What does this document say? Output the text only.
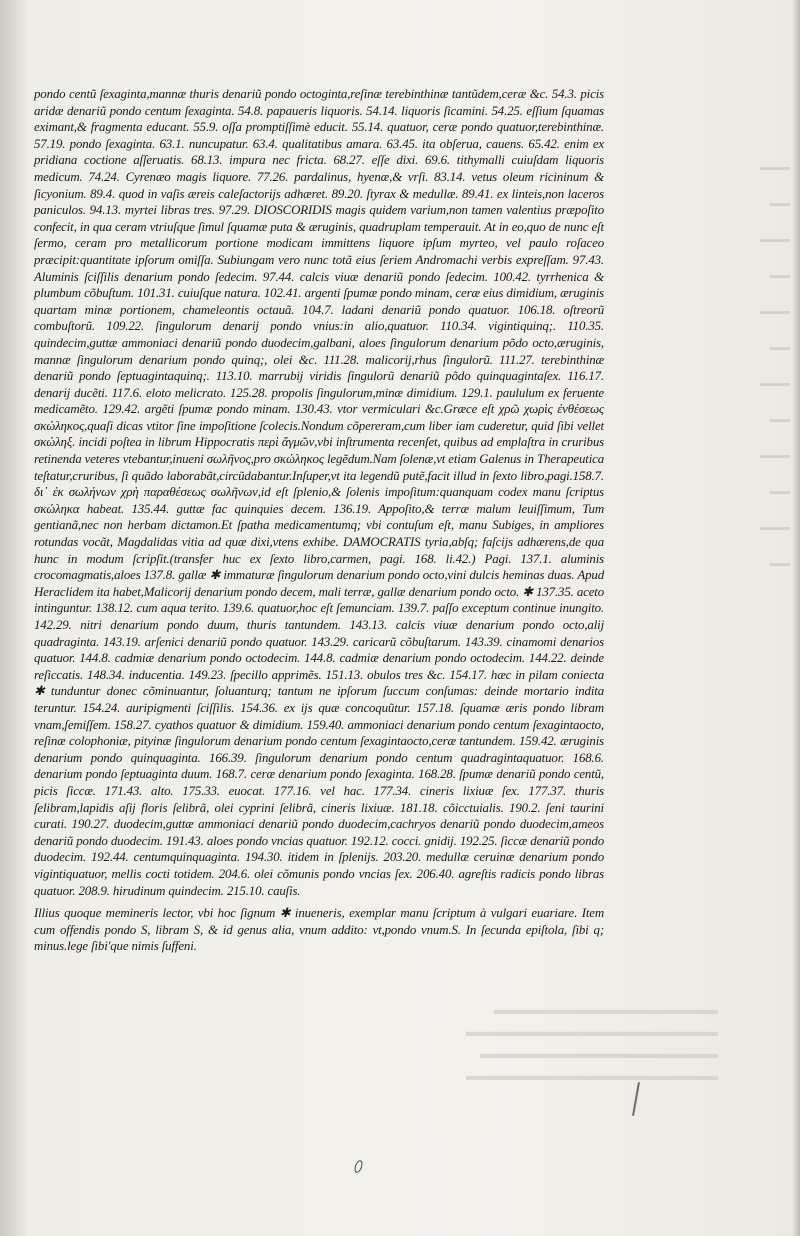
▬▬▬▬▬▬▬▬▬▬▬▬▬▬▬▬
▬▬▬▬▬▬▬▬▬▬▬▬▬▬▬▬▬▬
▬▬▬▬▬▬▬▬▬▬▬▬▬▬▬▬▬
▬▬▬▬▬▬▬▬▬▬▬▬▬▬▬▬▬▬
▬▬▬
▬▬
▬▬▬
▬▬
▬▬▬
▬▬
▬▬▬
▬▬
▬▬▬
▬▬
▬▬▬
▬▬

pondo centũ ſexaginta,mannæ thuris denariũ pondo octoginta,reſinæ terebinthinæ tantũdem,ceræ &c. 54.3. picis aridæ denariũ pondo centum ſexaginta. 54.8. papaueris liquoris. 54.14. liquoris ſicamini. 54.25. eſſium ſquamas eximant,& fragmenta educant. 55.9. oſſa promptiſſimè educit. 55.14. quatuor, ceræ pondo quatuor,terebinthinæ. 57.19. pondo ſexaginta. 63.1. nuncupatur. 63.4. qualitatibus amara. 63.45. ita obſerua, cauens. 65.42. enim ex pridiana coctione aſſeruatis. 68.13. impura nec fricta. 68.27. eſſe dixi. 69.6. tithymalli cuiuſdam liquoris medicum. 74.24. Cyrenæo magis liquore. 77.26. pardalinus, hyenæ,& vrſi. 83.14. vetus oleum ricininum & ſicyonium. 89.4. quod in vaſis æreis caleſactorijs adhæret. 89.20. ſtyrax & medullæ. 89.41. ex linteis,non laceros paniculos. 94.13. myrtei libras tres. 97.29. DIOSCORIDIS magis quidem varium,non tamen valentius præpoſito confecit, in qua ceram vtriuſque ſimul ſquamæ puta & æruginis, quadruplam temperauit. At in eo,quo de nunc eſt ſermo, ceram pro metallicorum portione modicam immittens liquore ipſum myrteo, vel paulo roſaceo præcipit:quantitate ipſorum omiſſa. Subiungam vero nunc totã eius ſeriem Andromachi verbis expreſſam. 97.43. Aluminis ſciſſilis denarium pondo ſedecim. 97.44. calcis viuæ denariũ pondo ſedecim. 100.42. tyrrhenica & plumbum cõbuſtum. 101.31. cuiuſque natura. 102.41. argenti ſpumæ pondo minam, ceræ eius dimidium, æruginis quartam minæ portionem, chameleontis octauã. 104.7. ladani denariũ pondo quatuor. 106.18. oſtreorũ combuſtorũ. 109.22. ſingulorum denarij pondo vnius:in alio,quatuor. 110.34. vigintiquinq;. 110.35. quindecim,guttæ ammoniaci denariũ pondo duodecim,galbani, aloes ſingulorum denarium põdo octo,æruginis, mannæ ſingulorum denarium pondo quinq;, olei &c. 111.28. malicorij,rhus ſingulorũ. 111.27. terebinthinæ denariũ pondo ſeptuagintaquinq;. 113.10. marrubij viridis ſingulorũ denariũ põdo quinquagintaſex. 116.17. denarij ducẽti. 117.6. eloto melicrato. 125.28. propolis ſingulorum,minæ dimidium. 129.1. paululum ex feruente medicamẽto. 129.42. argẽti ſpumæ pondo minam. 130.43. vtor vermiculari &c.Græce eſt χρῶ χωρὶς ἐνθέσεως σκώληκος,quaſi dicas vtitor ſine impoſitione ſcolecis.Nondum cõpereram,cum liber iam cuderetur, quid ſibi vellet σκώληξ. incidi poſtea in librum Hippocratis περὶ ἄγμῶν,vbi inſtrumenta recenſet, quibus ad emplaſtra in cruribus retinenda veteres vtebantur,inueni σωλῆνος,pro σκώληκος legẽdum.Nam ſolenæ,vt etiam Galenus in Therapeutica teſtatur,cruribus, ſi quãdo laborabãt,circũdabantur.Inſuper,vt ita legendũ putẽ,facit illud in ſexto libro,pagi.158.7. δι᾽ ἐκ σωλήνων χρὴ παραθέσεως σωλῆνων,id eſt ſplenio,& ſolenis impoſitum:quanquam codex manu ſcriptus σκώληκα habeat. 135.44. guttæ fac quinquies decem. 136.19. Appoſito,& terræ malum leuiſſimum, Tum gentianã,nec non herbam dictamon.Et ſpatha medicamentumq; vbi contuſum eſt, manu Subiges, in ampliores rotundas vocãt, Magdalidas vitia ad quæ dixi,vtens exhibe. DAMOCRATIS tyria,abſq; faſcijs adhærens,de qua hunc in modum ſcripſit.(transfer huc ex ſexto libro,carmen, pagi. 168. li.42.) Pagi. 137.1. aluminis crocomagmatis,aloes 137.8. gallæ ✱ immaturæ ſingulorum denarium pondo octo,vini dulcis heminas duas. Apud Heraclidem ita habet,Malicorij denarium pondo decem, mali terræ, gallæ denarium pondo octo. ✱ 137.35. aceto intinguntur. 138.12. cum aqua terito. 139.6. quatuor,hoc eſt ſemunciam. 139.7. paſſo exceptum continue inungito. 142.29. nitri denarium pondo duum, thuris tantundem. 143.13. calcis viuæ denarium pondo octo,alij quadraginta. 143.19. arſenici denariũ pondo quatuor. 143.29. caricarũ cõbuſtarum. 143.39. cinamomi denarios quatuor. 144.8. cadmiæ denarium pondo octodecim. 144.8. cadmiæ denarium pondo octodecim. 144.22. deinde reſiccatis. 148.34. inducentia. 149.23. ſpecillo apprimẽs. 151.13. obulos tres &c. 154.17. hæc in pilam coniecta ✱ tunduntur donec cõminuantur, ſoluanturq; tantum ne ipſorum ſuccum conſumas: deinde mortario indita teruntur. 154.24. auripigmenti ſciſſilis. 154.36. ex ijs quæ concoquũtur. 157.18. ſquamæ æris pondo libram vnam,ſemiſſem. 158.27. cyathos quatuor & dimidium. 159.40. ammoniaci denarium pondo centum ſexagintaocto, reſinæ colophoniæ, pityinæ ſingulorum denarium pondo centum ſexagintaocto,ceræ tantundem. 159.42. æruginis denarium pondo quinquaginta. 166.39. ſingulorum denarium pondo centum quadragintaquatuor. 168.6. denarium pondo ſeptuaginta duum. 168.7. ceræ denarium pondo ſexaginta. 168.28. ſpumæ denariũ pondo centũ, picis ſiccæ. 171.43. alto. 175.33. euocat. 177.16. vel hac. 177.34. cineris lixiuæ ſex. 177.37. thuris ſelibram,lapidis aſij floris ſelibrã, olei cyprini ſelibrã, cineris lixiuæ. 181.18. cõicctuialis. 190.2. ſeni taurini curati. 190.27. duodecim,guttæ ammoniaci denariũ pondo duodecim,cachryos denariũ pondo duodecim,ameos denariũ pondo duodecim. 191.43. aloes pondo vncias quatuor. 192.12. cocci. gnidij. 192.25. ſiccæ denariũ pondo duodecim. 192.44. centumquinquaginta. 194.30. itidem in ſplenijs. 203.20. medullæ ceruinæ denarium pondo vigintiquatuor, mellis cocti totidem. 204.6. olei cõmunis pondo vncias ſex. 206.40. agreſtis radicis pondo libras quatuor. 208.9. hirudinum quindecim. 215.10. cauſis.

Illius quoque memineris lector, vbi hoc ſignum ✱ inueneris, exemplar manu ſcriptum à vulgari euariare. Item cum offendis pondo S, libram S, & id genus alia, vnum addito: vt,pondo vnum.S. In ſecunda epiſtola, ſibi q; minus.lege ſibi'que nimis ſuffeni.
